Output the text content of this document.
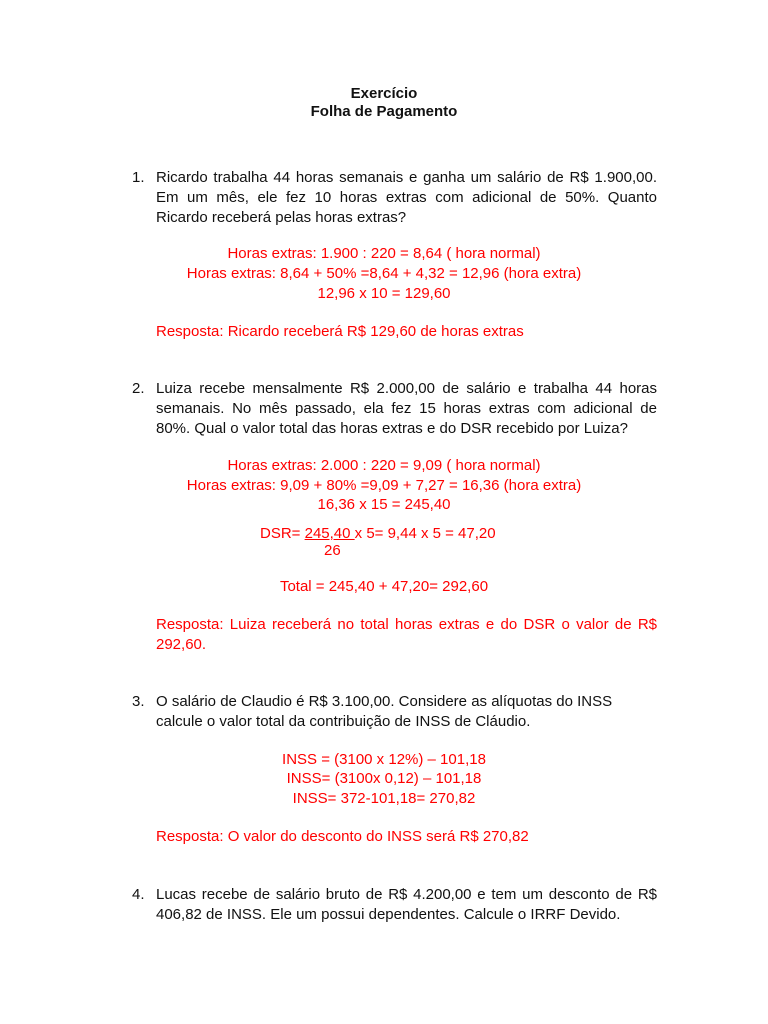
Exercício
Folha de Pagamento
1. Ricardo trabalha 44 horas semanais e ganha um salário de R$ 1.900,00.
Em um mês, ele fez 10 horas extras com adicional de 50%. Quanto
Ricardo receberá pelas horas extras?
Horas extras: 1.900 : 220 = 8,64 ( hora normal)
Horas extras: 8,64 + 50% =8,64 + 4,32 = 12,96 (hora extra)
12,96 x 10 = 129,60
Resposta: Ricardo receberá R$ 129,60 de horas extras
2. Luiza recebe mensalmente R$ 2.000,00 de salário e trabalha 44 horas
semanais. No mês passado, ela fez 15 horas extras com adicional de
80%. Qual o valor total das horas extras e do DSR recebido por Luiza?
Horas extras: 2.000 : 220 = 9,09 ( hora normal)
Horas extras: 9,09 + 80% =9,09 + 7,27 = 16,36 (hora extra)
16,36 x 15 = 245,40
DSR= 245,40 x 5= 9,44 x 5 = 47,20
26
Total = 245,40 + 47,20= 292,60
Resposta: Luiza receberá no total horas extras e do DSR o valor de R$
292,60.
3. O salário de Claudio é R$ 3.100,00. Considere as alíquotas do INSS
calcule o valor total da contribuição de INSS de Cláudio.
INSS = (3100 x 12%) – 101,18
INSS= (3100x 0,12) – 101,18
INSS= 372-101,18= 270,82
Resposta: O valor do desconto do INSS será R$ 270,82
4. Lucas recebe de salário bruto de R$ 4.200,00 e tem um desconto de R$
406,82 de INSS. Ele um possui dependentes. Calcule o IRRF Devido.
